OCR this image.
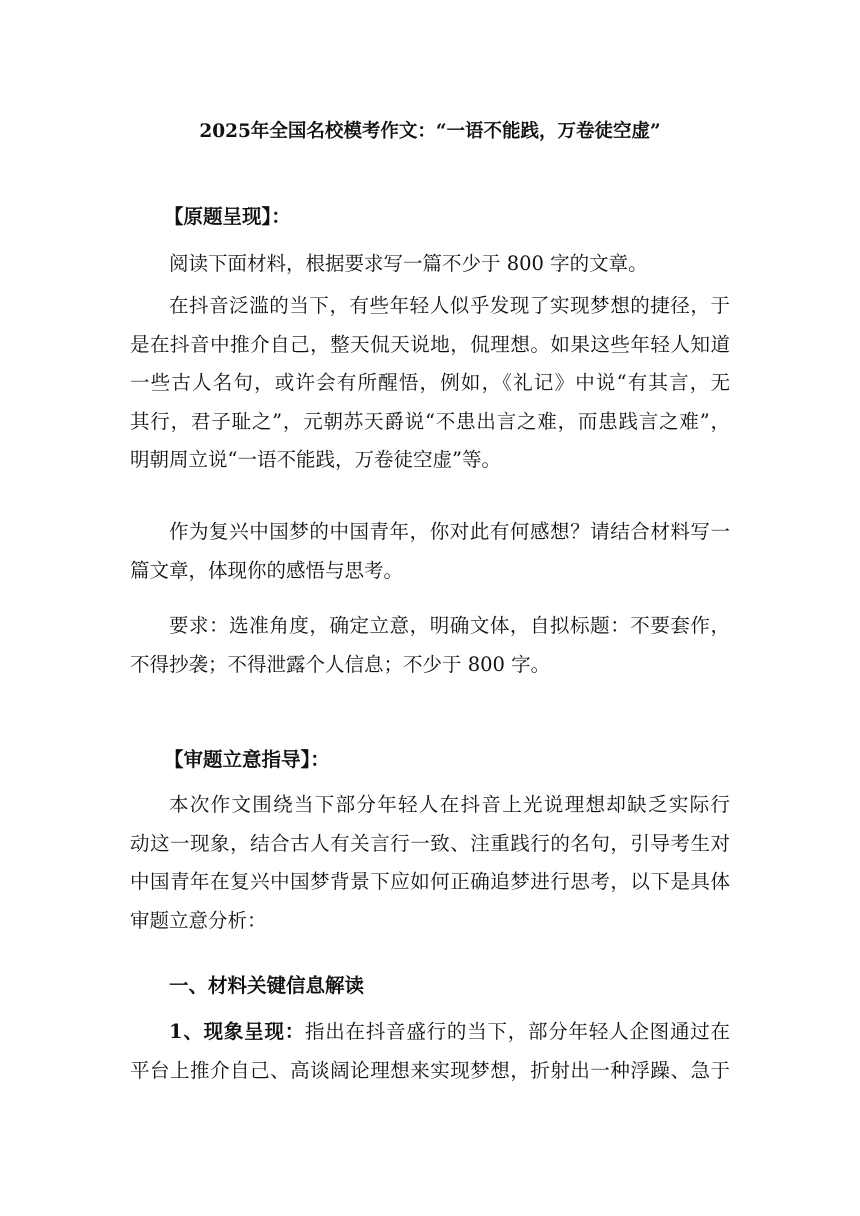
2025年全国名校模考作文：“一语不能践，万卷徒空虚”
【原题呈现】：
阅读下面材料，根据要求写一篇不少于 800 字的文章。
在抖音泛滥的当下，有些年轻人似乎发现了实现梦想的捷径，于
是在抖音中推介自己，整天侃天说地，侃理想。如果这些年轻人知道
一些古人名句，或许会有所醒悟，例如，《礼记》中说“有其言，无
其行，君子耻之”，元朝苏天爵说“不患出言之难，而患践言之难”，
明朝周立说“一语不能践，万卷徒空虚”等。
作为复兴中国梦的中国青年，你对此有何感想？请结合材料写一
篇文章，体现你的感悟与思考。
要求：选准角度，确定立意，明确文体，自拟标题：不要套作，
不得抄袭；不得泄露个人信息；不少于 800 字。
【审题立意指导】：
本次作文围绕当下部分年轻人在抖音上光说理想却缺乏实际行
动这一现象，结合古人有关言行一致、注重践行的名句，引导考生对
中国青年在复兴中国梦背景下应如何正确追梦进行思考，以下是具体
审题立意分析：
一、材料关键信息解读
1、现象呈现：指出在抖音盛行的当下，部分年轻人企图通过在
平台上推介自己、高谈阔论理想来实现梦想，折射出一种浮躁、急于
